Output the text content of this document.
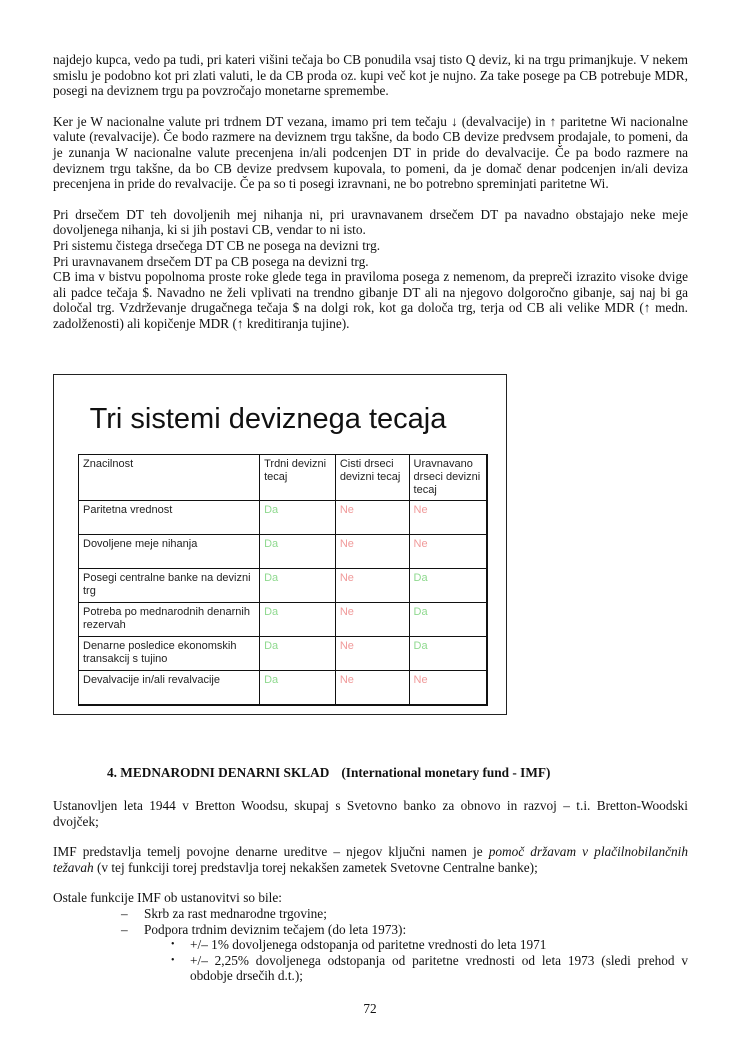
najdejo kupca, vedo pa tudi, pri kateri višini tečaja bo CB ponudila vsaj tisto Q deviz, ki na trgu primanjkuje. V nekem smislu je podobno kot pri zlati valuti, le da CB proda oz. kupi več kot je nujno. Za take posege pa CB potrebuje MDR, posegi na deviznem trgu pa povzročajo monetarne spremembe.

Ker je W nacionalne valute pri trdnem DT vezana, imamo pri tem tečaju ↓ (devalvacije) in ↑ paritetne Wi nacionalne valute (revalvacije). Če bodo razmere na deviznem trgu takšne, da bodo CB devize predvsem prodajale, to pomeni, da je zunanja W nacionalne valute precenjena in/ali podcenjen DT in pride do devalvacije. Če pa bodo razmere na deviznem trgu takšne, da bo CB devize predvsem kupovala, to pomeni, da je domač denar podcenjen in/ali deviza precenjena in pride do revalvacije. Če pa so ti posegi izravnani, ne bo potrebno spreminjati paritetne Wi.

Pri drsečem DT teh dovoljenih mej nihanja ni, pri uravnavanem drsečem DT pa navadno obstajajo neke meje dovoljenega nihanja, ki si jih postavi CB, vendar to ni isto.

Pri sistemu čistega drsečega DT CB ne posega na devizni trg.

Pri uravnavanem drsečem DT pa CB posega na devizni trg.

CB ima v bistvu popolnoma proste roke glede tega in praviloma posega z nemenom, da prepreči izrazito visoke dvige ali padce tečaja $. Navadno ne želi vplivati na trendno gibanje DT ali na njegovo dolgoročno gibanje, saj naj bi ga določal trg. Vzdrževanje drugačnega tečaja $ na dolgi rok, kot ga določa trg, terja od CB ali velike MDR (↑ medn. zadolženosti) ali kopičenje MDR (↑ kreditiranja tujine).

Tri sistemi deviznega tecaja
Znacilnost	Trdni devizni tecaj	Cisti drseci devizni tecaj	Uravnavano drseci devizni tecaj
Paritetna vrednost	Da	Ne	Ne
Dovoljene meje nihanja	Da	Ne	Ne
Posegi centralne banke na devizni trg	Da	Ne	Da
Potreba po mednarodnih denarnih rezervah	Da	Ne	Da
Denarne posledice ekonomskih transakcij s tujino	Da	Ne	Da
Devalvacije in/ali revalvacije	Da	Ne	Ne
4. MEDNARODNI DENARNI SKLAD (International monetary fund - IMF)

Ustanovljen leta 1944 v Bretton Woodsu, skupaj s Svetovno banko za obnovo in razvoj – t.i. Bretton-Woodski dvojček;

IMF predstavlja temelj povojne denarne ureditve – njegov ključni namen je pomoč državam v plačilnobilančnih težavah (v tej funkciji torej predstavlja torej nekakšen zametek Svetovne Centralne banke);

Ostale funkcije IMF ob ustanovitvi so bile:

– Skrb za rast mednarodne trgovine;
– Podpora trdnim deviznim tečajem (do leta 1973):
• +/– 1% dovoljenega odstopanja od paritetne vrednosti do leta 1971
• +/– 2,25% dovoljenega odstopanja od paritetne vrednosti od leta 1973 (sledi prehod v obdobje drsečih d.t.);
72
